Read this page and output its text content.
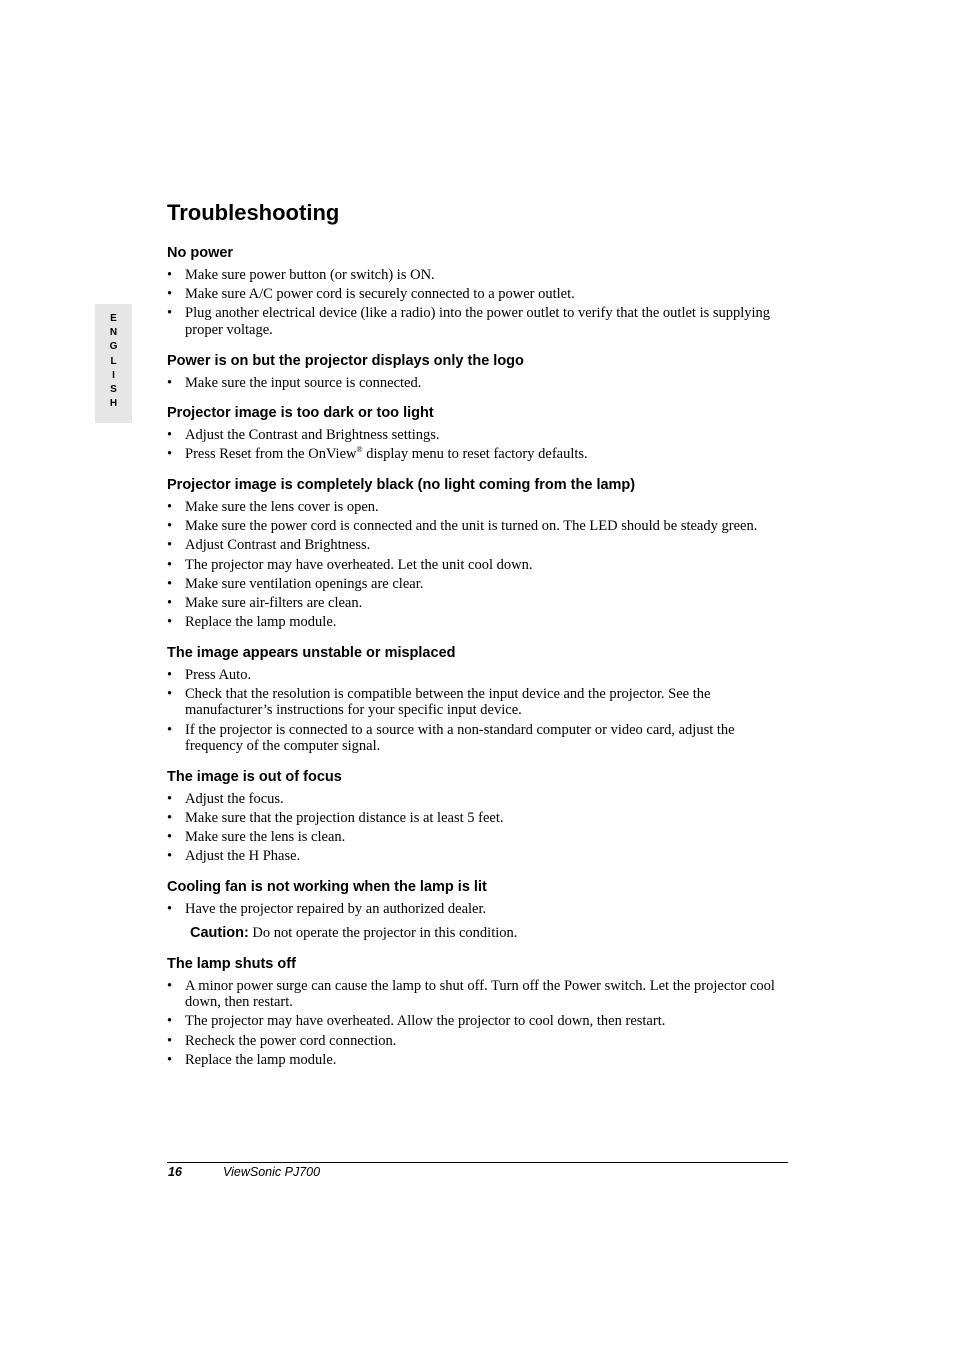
E
N
G
L
I
S
H
Troubleshooting
No power
• Make sure power button (or switch) is ON.
• Make sure A/C power cord is securely connected to a power outlet.
• Plug another electrical device (like a radio) into the power outlet to verify that the outlet is supplying proper voltage.
Power is on but the projector displays only the logo
• Make sure the input source is connected.
Projector image is too dark or too light
• Adjust the Contrast and Brightness settings.
• Press Reset from the OnView® display menu to reset factory defaults.
Projector image is completely black (no light coming from the lamp)
• Make sure the lens cover is open.
• Make sure the power cord is connected and the unit is turned on. The LED should be steady green.
• Adjust Contrast and Brightness.
• The projector may have overheated. Let the unit cool down.
• Make sure ventilation openings are clear.
• Make sure air-filters are clean.
• Replace the lamp module.
The image appears unstable or misplaced
• Press Auto.
• Check that the resolution is compatible between the input device and the projector. See the manufacturer’s instructions for your specific input device.
• If the projector is connected to a source with a non-standard computer or video card, adjust the frequency of the computer signal.
The image is out of focus
• Adjust the focus.
• Make sure that the projection distance is at least 5 feet.
• Make sure the lens is clean.
• Adjust the H Phase.
Cooling fan is not working when the lamp is lit
• Have the projector repaired by an authorized dealer.
Caution: Do not operate the projector in this condition.
The lamp shuts off
• A minor power surge can cause the lamp to shut off. Turn off the Power switch. Let the projector cool down, then restart.
• The projector may have overheated. Allow the projector to cool down, then restart.
• Recheck the power cord connection.
• Replace the lamp module.
16	ViewSonic PJ700
